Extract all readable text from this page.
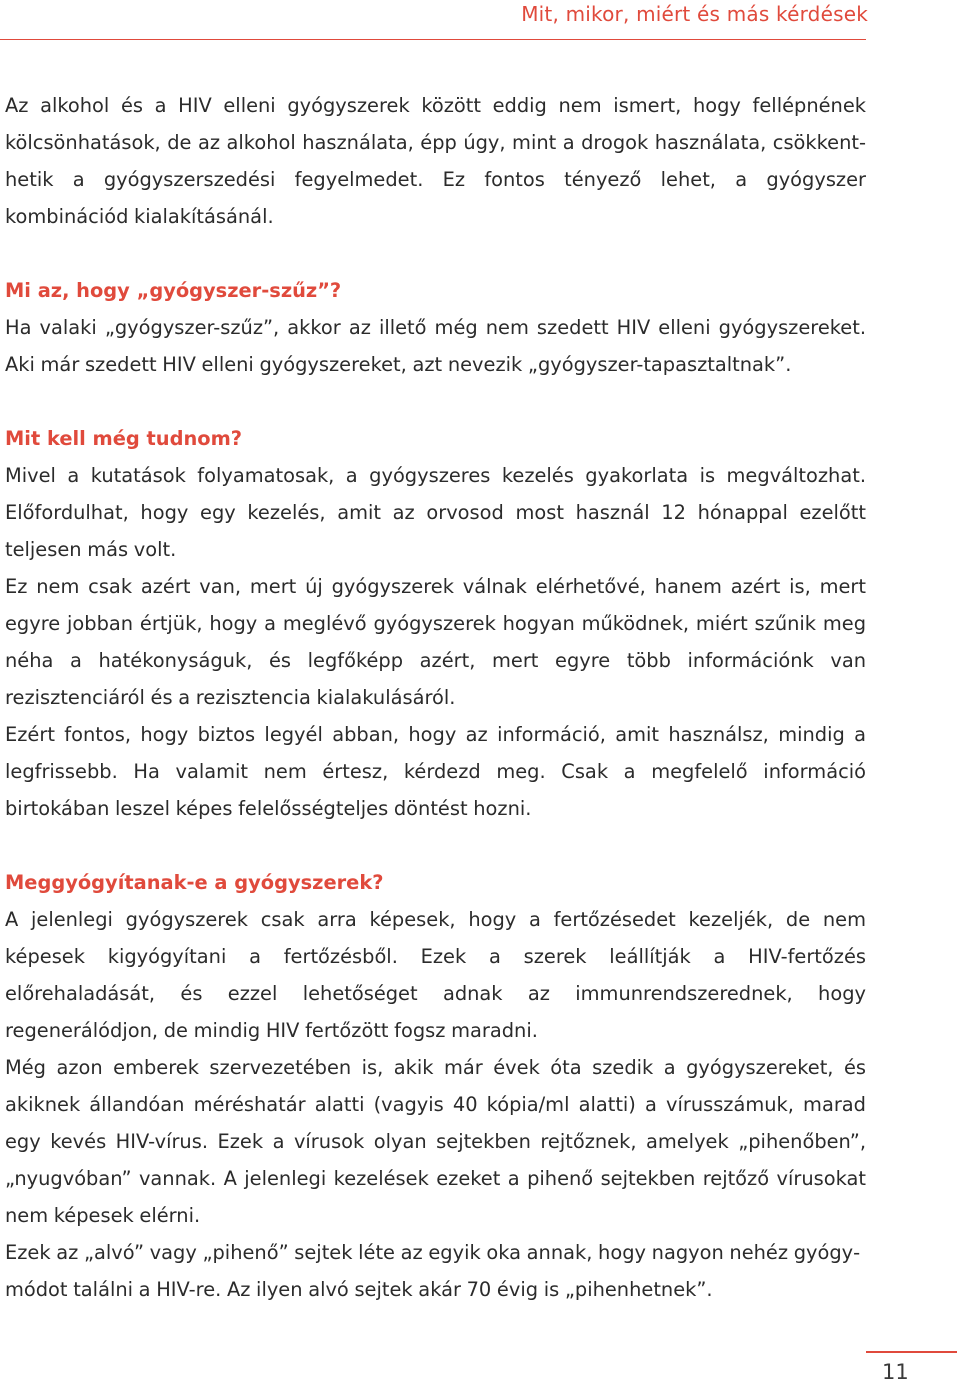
Mit, mikor, miért és más kérdések

Az alkohol és a HIV elleni gyógyszerek között eddig nem ismert, hogy fellépnének kölcsönhatások, de az alkohol használata, épp úgy, mint a drogok használata, csökkenthetik a gyógyszerszedési fegyelmedet. Ez fontos tényező lehet, a gyógyszer kombinációd kialakításánál.

Mi az, hogy „gyógyszer-szűz”?

Ha valaki „gyógyszer-szűz”, akkor az illető még nem szedett HIV elleni gyógyszereket. Aki már szedett HIV elleni gyógyszereket, azt nevezik „gyógyszer-tapasztaltnak”.

Mit kell még tudnom?

Mivel a kutatások folyamatosak, a gyógyszeres kezelés gyakorlata is megváltozhat. Előfordulhat, hogy egy kezelés, amit az orvosod most használ 12 hónappal ezelőtt teljesen más volt.

Ez nem csak azért van, mert új gyógyszerek válnak elérhetővé, hanem azért is, mert egyre jobban értjük, hogy a meglévő gyógyszerek hogyan működnek, miért szűnik meg néha a hatékonyságuk, és legfőképp azért, mert egyre több információnk van rezisztenciáról és a rezisztencia kialakulásáról.

Ezért fontos, hogy biztos legyél abban, hogy az információ, amit használsz, mindig a legfrissebb. Ha valamit nem értesz, kérdezd meg. Csak a megfelelő információ birtokában leszel képes felelősségteljes döntést hozni.

Meggyógyítanak-e a gyógyszerek?

A jelenlegi gyógyszerek csak arra képesek, hogy a fertőzésedet kezeljék, de nem képesek kigyógyítani a fertőzésből. Ezek a szerek leállítják a HIV-fertőzés előrehaladását, és ezzel lehetőséget adnak az immunrendszerednek, hogy regenerálódjon, de mindig HIV fertőzött fogsz maradni.

Még azon emberek szervezetében is, akik már évek óta szedik a gyógyszereket, és akiknek állandóan méréshatár alatti (vagyis 40 kópia/ml alatti) a vírusszámuk, marad egy kevés HIV-vírus. Ezek a vírusok olyan sejtekben rejtőznek, amelyek „pihenőben”, „nyugvóban” vannak. A jelenlegi kezelések ezeket a pihenő sejtekben rejtőző vírusokat nem képesek elérni.

Ezek az „alvó” vagy „pihenő” sejtek léte az egyik oka annak, hogy nagyon nehéz gyógymódot találni a HIV-re. Az ilyen alvó sejtek akár 70 évig is „pihenhetnek”.

11
